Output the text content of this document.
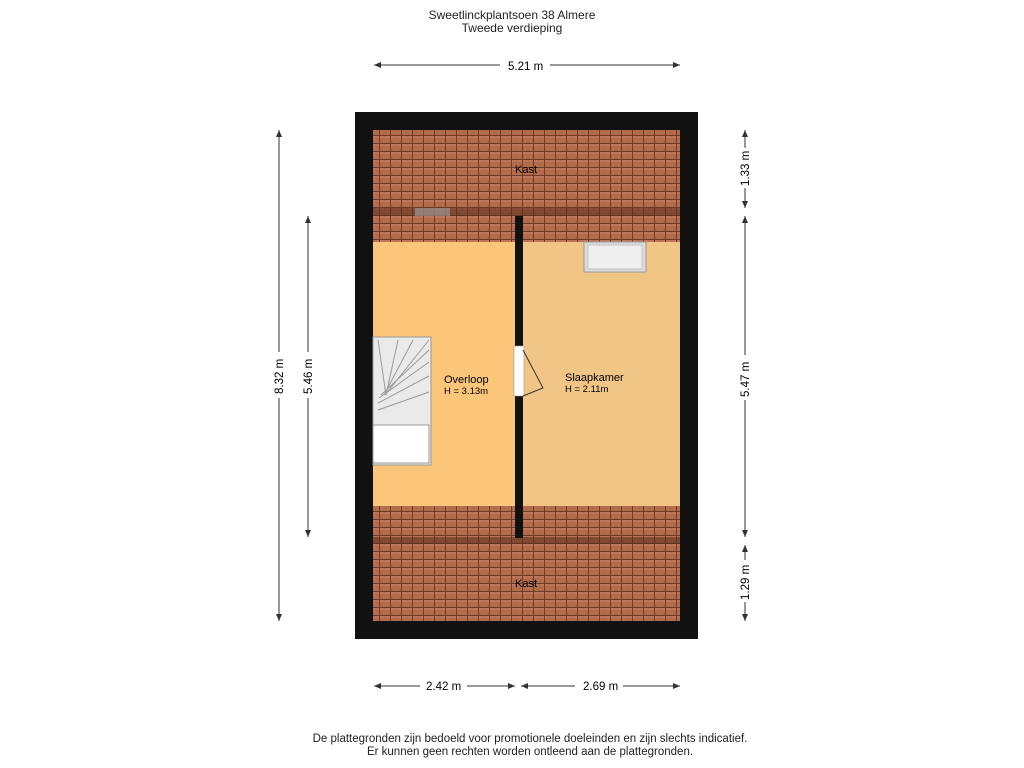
Sweetlinckplantsoen 38 Almere
Tweede verdieping
Kast
Overloop
H = 3.13m
Slaapkamer
H = 2.11m
Kast
5.21 m
8.32 m 5.46 m
1.33 m
5.47 m
1.29 m
2.42 m	2.69 m
De plattegronden zijn bedoeld voor promotionele doeleinden en zijn slechts indicatief.
Er kunnen geen rechten worden ontleend aan de plattegronden.
